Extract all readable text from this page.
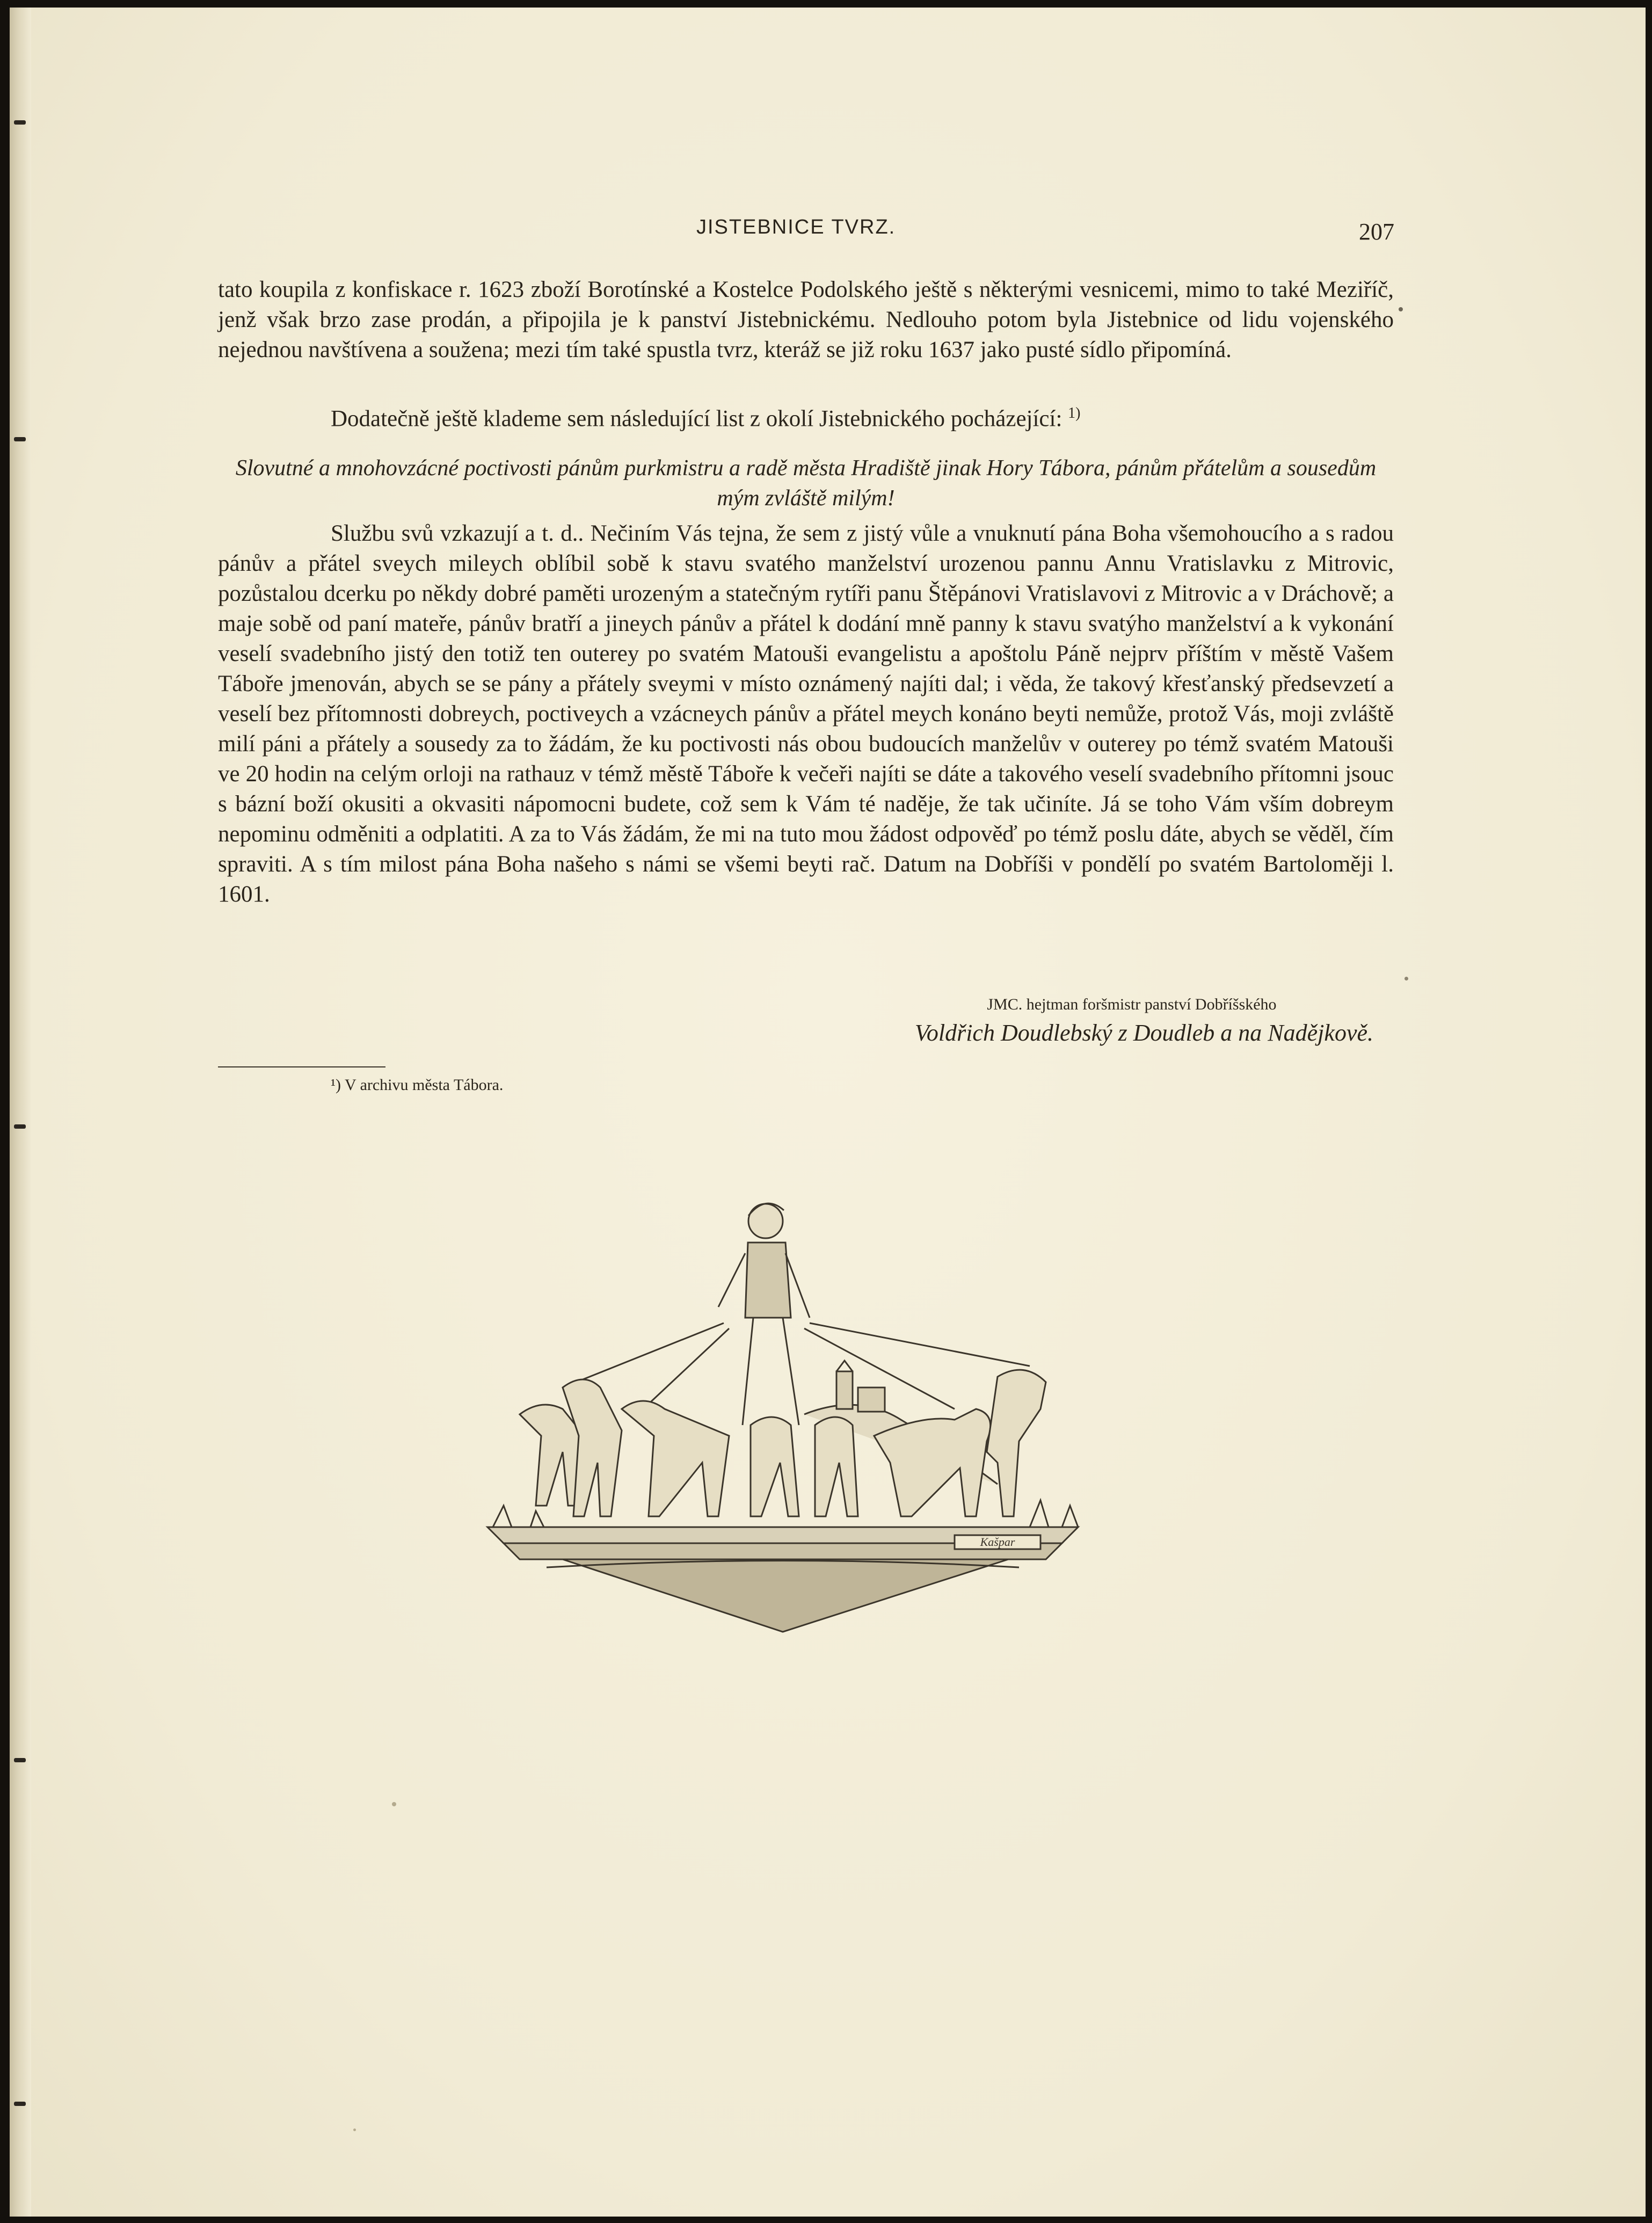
JISTEBNICE TVRZ.	207

tato koupila z konfiskace r. 1623 zboží Borotínské a Kostelce Podolského ještě s některými vesnicemi, mimo to také Meziříč, jenž však brzo zase prodán, a připojila je k panství Jistebnickému. Nedlouho potom byla Jistebnice od lidu vojenského nejednou navštívena a soužena; mezi tím také spustla tvrz, kteráž se již roku 1637 jako pusté sídlo připomíná.

Dodatečně ještě klademe sem následující list z okolí Jistebnického pocházející: $^{1)}$

Slovutné a mnohovzácné poctivosti pánům purkmistru a radě města Hradiště jinak Hory Tábora, pánům přátelům a sousedům mým zvláště milým!

Službu svů vzkazují a t. d.. Nečiním Vás tejna, že sem z jistý vůle a vnuknutí pána Boha všemohoucího a s radou pánův a přátel sveych mileych oblíbil sobě k stavu svatého manželství urozenou pannu Annu Vratislavku z Mitrovic, pozůstalou dcerku po někdy dobré paměti urozeným a statečným rytíři panu Štěpánovi Vratislavovi z Mitrovic a v Dráchově; a maje sobě od paní mateře, pánův bratří a jineych pánův a přátel k dodání mně panny k stavu svatýho manželství a k vykonání veselí svadebního jistý den totiž ten outerey po svatém Matouši evangelistu a apoštolu Páně nejprv příštím v městě Vašem Táboře jmenován, abych se se pány a přátely sveymi v místo oznámený najíti dal; i věda, že takový křesťanský předsevzetí a veselí bez přítomnosti dobreych, poctiveych a vzácneych pánův a přátel meych konáno beyti nemůže, protož Vás, moji zvláště milí páni a přátely a sousedy za to žádám, že ku poctivosti nás obou budoucích manželův v outerey po témž svatém Matouši ve 20 hodin na celým orloji na rathauz v témž městě Táboře k večeři najíti se dáte a takového veselí svadebního přítomni jsouc s bázní boží okusiti a okvasiti nápomocni budete, což sem k Vám té naděje, že tak učiníte. Já se toho Vám vším dobreym nepominu odměniti a odplatiti. A za to Vás žádám, že mi na tuto mou žádost odpověď po témž poslu dáte, abych se věděl, čím spraviti. A s tím milost pána Boha našeho s námi se všemi beyti rač. Datum na Dobříši v pondělí po svatém Bartoloměji l. 1601.

JMC. hejtman foršmistr panství Dobříšského
Voldřich Doudlebský z Doudleb a na Nadějkově.
¹) V archivu města Tábora.
Kašpar
